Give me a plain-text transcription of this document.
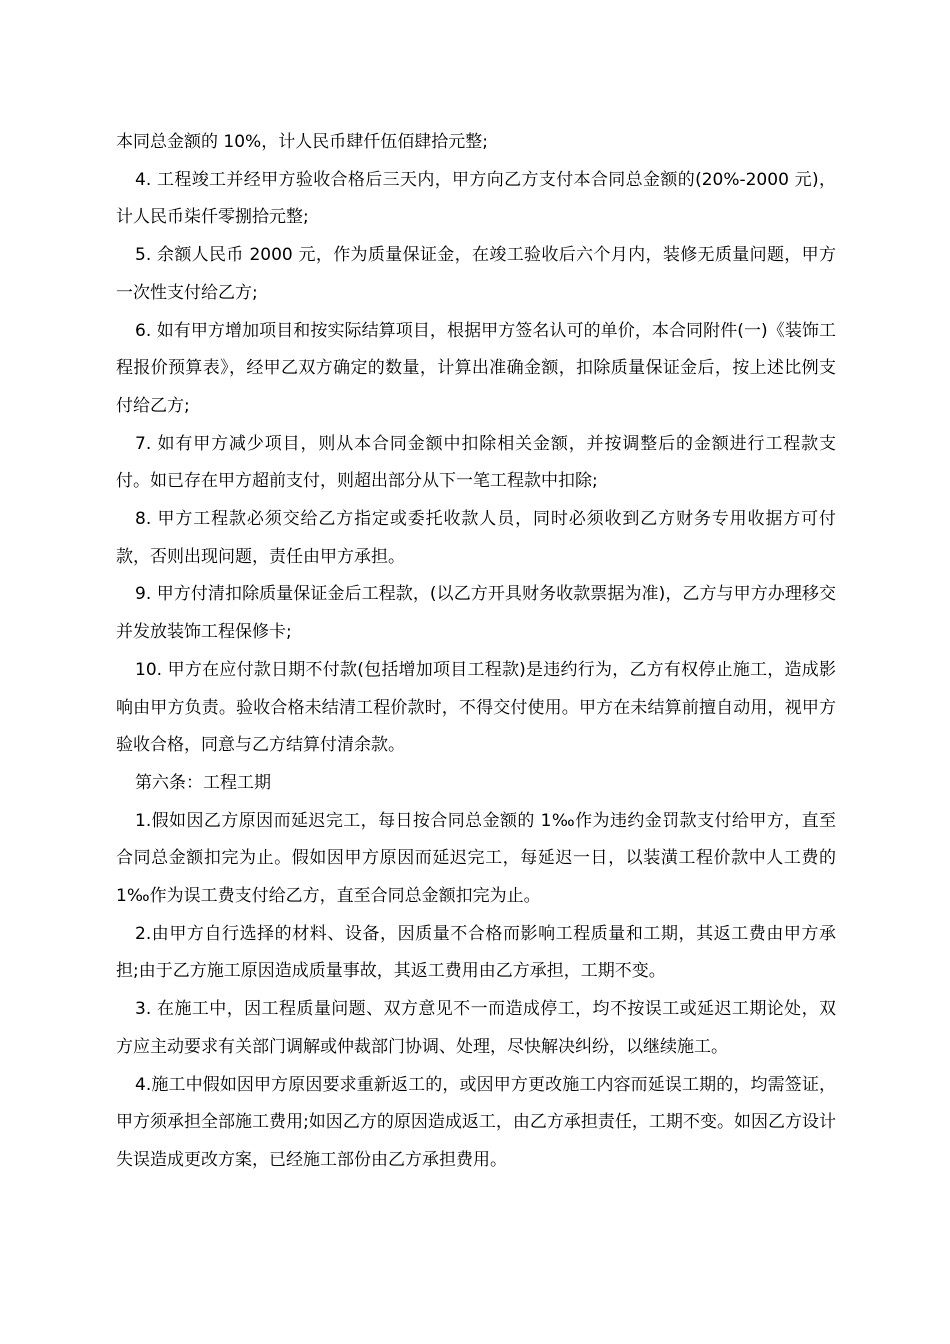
本同总金额的 10%，计人民币肆仟伍佰肆拾元整;

4. 工程竣工并经甲方验收合格后三天内，甲方向乙方支付本合同总金额的(20%-2000 元)，计人民币柒仟零捌拾元整;

5. 余额人民币 2000 元，作为质量保证金，在竣工验收后六个月内，装修无质量问题，甲方一次性支付给乙方;

6. 如有甲方增加项目和按实际结算项目，根据甲方签名认可的单价，本合同附件(一)《装饰工程报价预算表》，经甲乙双方确定的数量，计算出准确金额，扣除质量保证金后，按上述比例支付给乙方;

7. 如有甲方减少项目，则从本合同金额中扣除相关金额，并按调整后的金额进行工程款支付。如已存在甲方超前支付，则超出部分从下一笔工程款中扣除;

8. 甲方工程款必须交给乙方指定或委托收款人员，同时必须收到乙方财务专用收据方可付款，否则出现问题，责任由甲方承担。

9. 甲方付清扣除质量保证金后工程款，(以乙方开具财务收款票据为准)，乙方与甲方办理移交并发放装饰工程保修卡;

10. 甲方在应付款日期不付款(包括增加项目工程款)是违约行为，乙方有权停止施工，造成影响由甲方负责。验收合格未结清工程价款时，不得交付使用。甲方在未结算前擅自动用，视甲方验收合格，同意与乙方结算付清余款。

第六条：工程工期

1.假如因乙方原因而延迟完工，每日按合同总金额的 1‰作为违约金罚款支付给甲方，直至合同总金额扣完为止。假如因甲方原因而延迟完工，每延迟一日，以装潢工程价款中人工费的 1‰作为误工费支付给乙方，直至合同总金额扣完为止。

2.由甲方自行选择的材料、设备，因质量不合格而影响工程质量和工期，其返工费由甲方承担;由于乙方施工原因造成质量事故，其返工费用由乙方承担，工期不变。

3. 在施工中，因工程质量问题、双方意见不一而造成停工，均不按误工或延迟工期论处，双方应主动要求有关部门调解或仲裁部门协调、处理，尽快解决纠纷，以继续施工。

4.施工中假如因甲方原因要求重新返工的，或因甲方更改施工内容而延误工期的，均需签证，甲方须承担全部施工费用;如因乙方的原因造成返工，由乙方承担责任，工期不变。如因乙方设计失误造成更改方案，已经施工部份由乙方承担费用。
